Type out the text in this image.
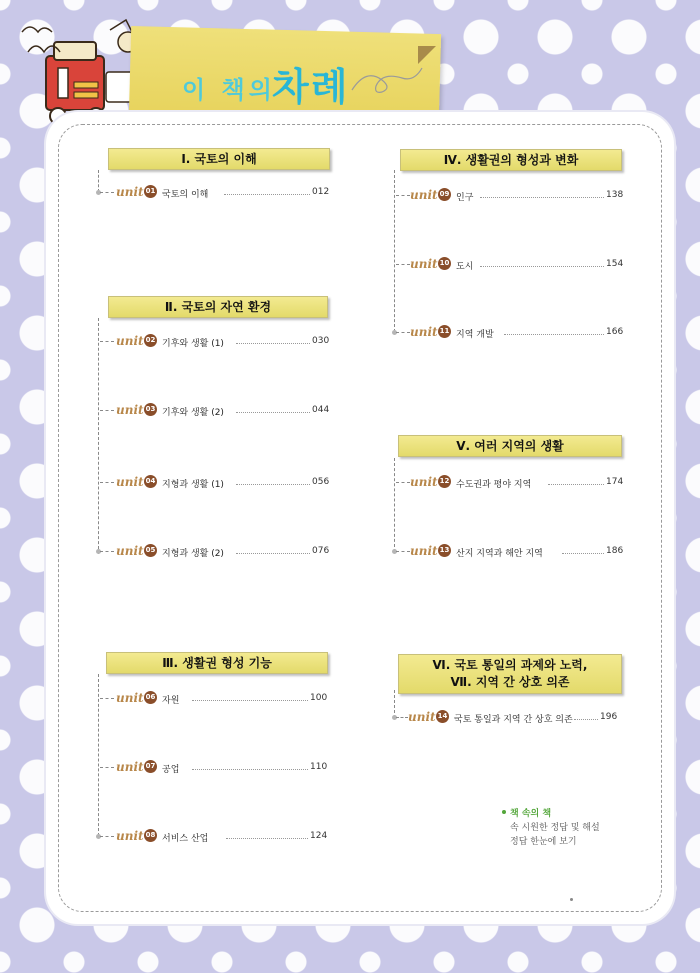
이 책의
차례
Ⅰ. 국토의 이해
Ⅱ. 국토의 자연 환경
Ⅲ. 생활권 형성 기능
Ⅳ. 생활권의 형성과 변화
Ⅴ. 여러 지역의 생활
Ⅵ. 국토 통일의 과제와 노력,
Ⅶ. 지역 간 상호 의존
unit 01 국토의 이해	012
unit 02 기후와 생활 (1)	030
unit 03 기후와 생활 (2)	044
unit 04 지형과 생활 (1)	056
unit 05 지형과 생활 (2)	076
unit 06 자원	100
unit 07 공업	110
unit 08 서비스 산업	124
unit 09 인구	138
unit 10 도시	154
unit 11 지역 개발	166
unit 12 수도권과 평야 지역	174
unit 13 산지 지역과 해안 지역	186
unit 14 국토 통일과 지역 간 상호 의존	196
책 속의 책
속 시원한 정답 및 해설
정답 한눈에 보기
